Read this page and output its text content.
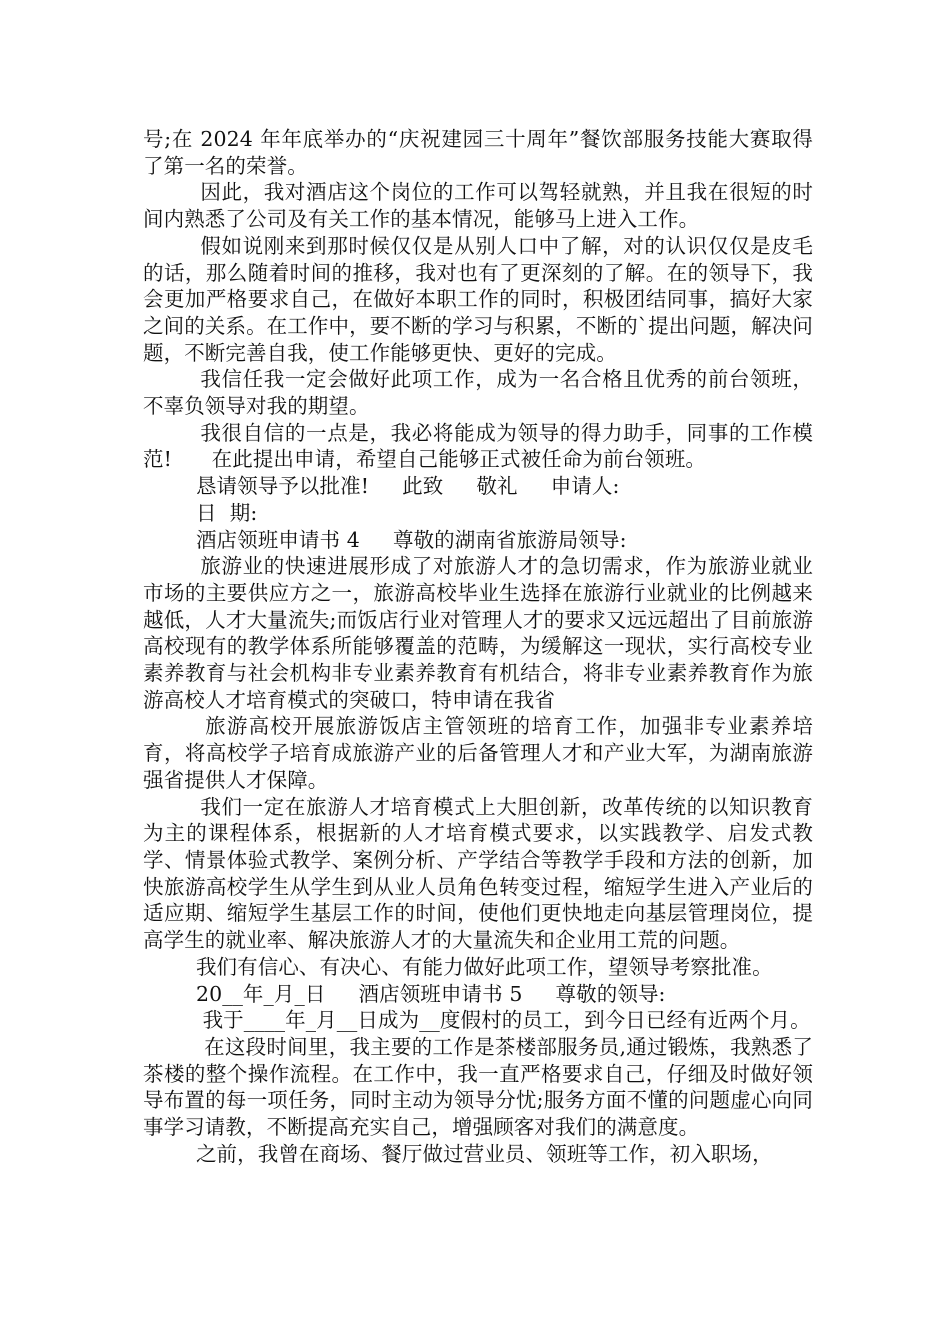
号;在 2024 年年底举办的“庆祝建园三十周年”餐饮部服务技能大赛取得了第一名的荣誉。

因此，我对酒店这个岗位的工作可以驾轻就熟，并且我在很短的时间内熟悉了公司及有关工作的基本情况，能够马上进入工作。

假如说刚来到那时候仅仅是从别人口中了解，对的认识仅仅是皮毛的话，那么随着时间的推移，我对也有了更深刻的了解。在的领导下，我会更加严格要求自己，在做好本职工作的同时，积极团结同事，搞好大家之间的关系。在工作中，要不断的学习与积累，不断的`提出问题，解决问题，不断完善自我，使工作能够更快、更好的完成。

我信任我一定会做好此项工作，成为一名合格且优秀的前台领班，不辜负领导对我的期望。

我很自信的一点是，我必将能成为领导的得力助手，同事的工作模范!      在此提出申请，希望自己能够正式被任命为前台领班。

恳请领导予以批准!     此致     敬礼     申请人:

日  期:

酒店领班申请书 4     尊敬的湖南省旅游局领导:

旅游业的快速进展形成了对旅游人才的急切需求，作为旅游业就业市场的主要供应方之一，旅游高校毕业生选择在旅游行业就业的比例越来越低，人才大量流失;而饭店行业对管理人才的要求又远远超出了目前旅游高校现有的教学体系所能够覆盖的范畴，为缓解这一现状，实行高校专业素养教育与社会机构非专业素养教育有机结合，将非专业素养教育作为旅游高校人才培育模式的突破口，特申请在我省

旅游高校开展旅游饭店主管领班的培育工作，加强非专业素养培育，将高校学子培育成旅游产业的后备管理人才和产业大军，为湖南旅游强省提供人才保障。

我们一定在旅游人才培育模式上大胆创新，改革传统的以知识教育为主的课程体系，根据新的人才培育模式要求，以实践教学、启发式教学、情景体验式教学、案例分析、产学结合等教学手段和方法的创新，加快旅游高校学生从学生到从业人员角色转变过程，缩短学生进入产业后的适应期、缩短学生基层工作的时间，使他们更快地走向基层管理岗位，提高学生的就业率、解决旅游人才的大量流失和企业用工荒的问题。

我们有信心、有决心、有能力做好此项工作，望领导考察批准。

20__年_月_日     酒店领班申请书 5     尊敬的领导:

我于____年_月__日成为__度假村的员工，到今日已经有近两个月。

在这段时间里，我主要的工作是茶楼部服务员,通过锻炼，我熟悉了茶楼的整个操作流程。在工作中，我一直严格要求自己，仔细及时做好领导布置的每一项任务，同时主动为领导分忧;服务方面不懂的问题虚心向同事学习请教，不断提高充实自己，增强顾客对我们的满意度。

之前，我曾在商场、餐厅做过营业员、领班等工作，初入职场，
